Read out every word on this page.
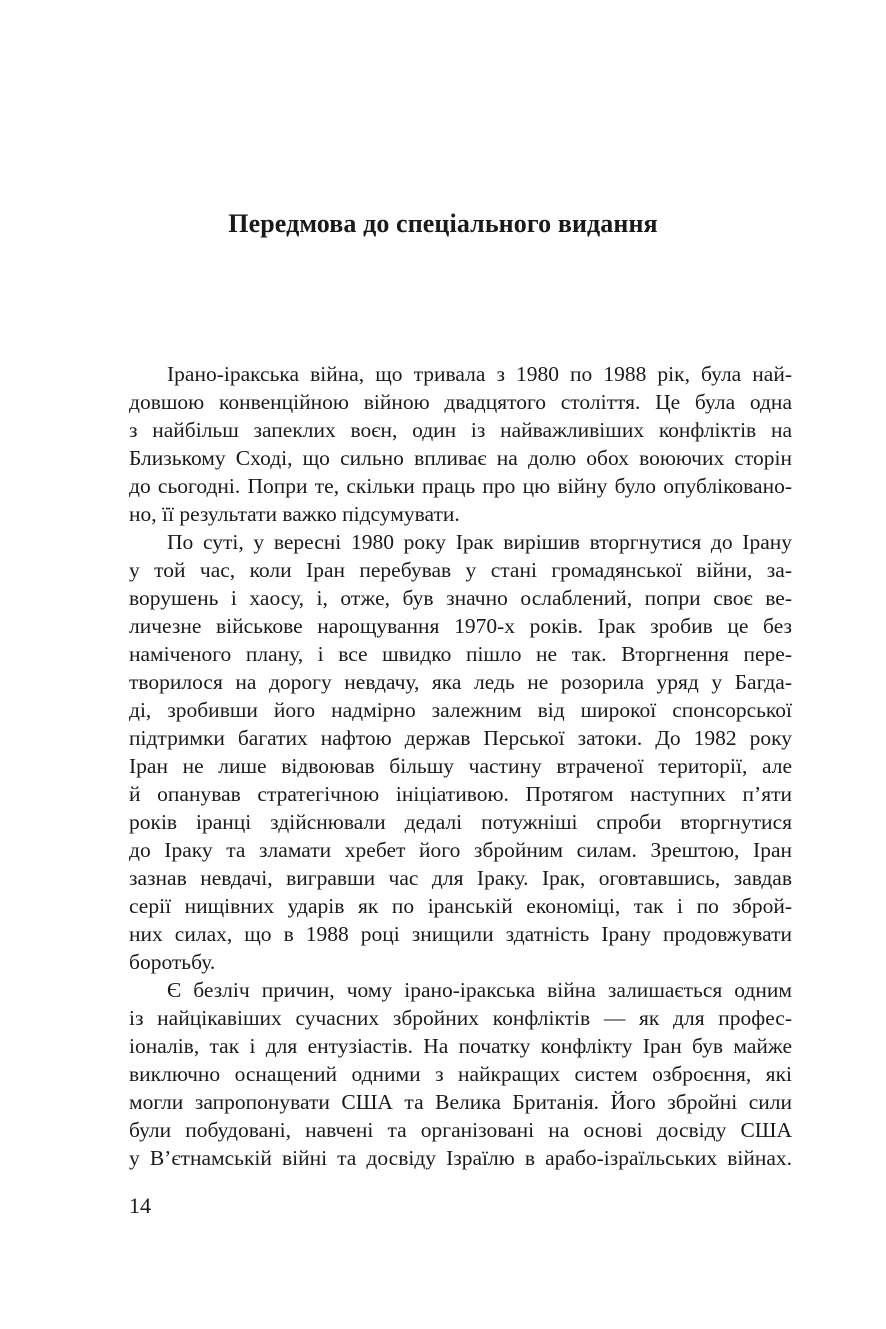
Передмова до спеціального видання
Ірано-іракська війна, що тривала з 1980 по 1988 рік, була най-
довшою конвенційною війною двадцятого століття. Це була одна
з найбільш запеклих воєн, один із найважливіших конфліктів на
Близькому Сході, що сильно впливає на долю обох воюючих сторін
до сьогодні. Попри те, скільки праць про цю війну було опубліковано-
но, її результати важко підсумувати.
По суті, у вересні 1980 року Ірак вирішив вторгнутися до Ірану
у той час, коли Іран перебував у стані громадянської війни, за-
ворушень і хаосу, і, отже, був значно ослаблений, попри своє ве-
личезне військове нарощування 1970-х років. Ірак зробив це без
наміченого плану, і все швидко пішло не так. Вторгнення пере-
творилося на дорогу невдачу, яка ледь не розорила уряд у Багда-
ді, зробивши його надмірно залежним від широкої спонсорської
підтримки багатих нафтою держав Перської затоки. До 1982 року
Іран не лише відвоював більшу частину втраченої території, але
й опанував стратегічною ініціативою. Протягом наступних п’яти
років іранці здійснювали дедалі потужніші спроби вторгнутися
до Іраку та зламати хребет його збройним силам. Зрештою, Іран
зазнав невдачі, вигравши час для Іраку. Ірак, оговтавшись, завдав
серії нищівних ударів як по іранській економіці, так і по зброй-
них силах, що в 1988 році знищили здатність Ірану продовжувати
боротьбу.
Є безліч причин, чому ірано-іракська війна залишається одним
із найцікавіших сучасних збройних конфліктів — як для профес-
іоналів, так і для ентузіастів. На початку конфлікту Іран був майже
виключно оснащений одними з найкращих систем озброєння, які
могли запропонувати США та Велика Британія. Його збройні сили
були побудовані, навчені та організовані на основі досвіду США
у В’єтнамській війні та досвіду Ізраїлю в арабо-ізраїльських війнах.
14
